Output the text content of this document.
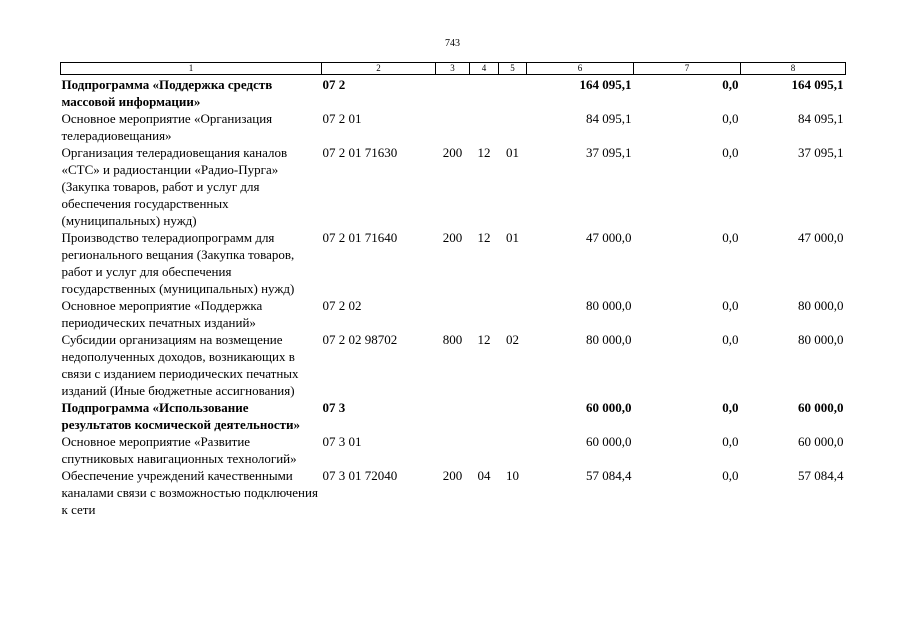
743
1	2	3	4	5	6	7	8
Подпрограмма «Поддержка средств массовой информации»	07 2				164 095,1	0,0	164 095,1
Основное мероприятие «Организация телерадиовещания»	07 2 01				84 095,1	0,0	84 095,1
Организация телерадиовещания каналов «СТС» и радиостанции «Радио-Пурга» (Закупка товаров, работ и услуг для обеспечения государственных (муниципальных) нужд)	07 2 01 71630	200	12	01	37 095,1	0,0	37 095,1
Производство телерадиопрограмм для регионального вещания (Закупка товаров, работ и услуг для обеспечения государственных (муниципальных) нужд)	07 2 01 71640	200	12	01	47 000,0	0,0	47 000,0
Основное мероприятие «Поддержка периодических печатных изданий»	07 2 02				80 000,0	0,0	80 000,0
Субсидии организациям на возмещение недополученных доходов, возникающих в связи с изданием периодических печатных изданий (Иные бюджетные ассигнования)	07 2 02 98702	800	12	02	80 000,0	0,0	80 000,0
Подпрограмма «Использование результатов космической деятельности»	07 3				60 000,0	0,0	60 000,0
Основное мероприятие «Развитие спутниковых навигационных технологий»	07 3 01				60 000,0	0,0	60 000,0
Обеспечение учреждений качественными каналами связи с возможностью подключения к сети	07 3 01 72040	200	04	10	57 084,4	0,0	57 084,4
